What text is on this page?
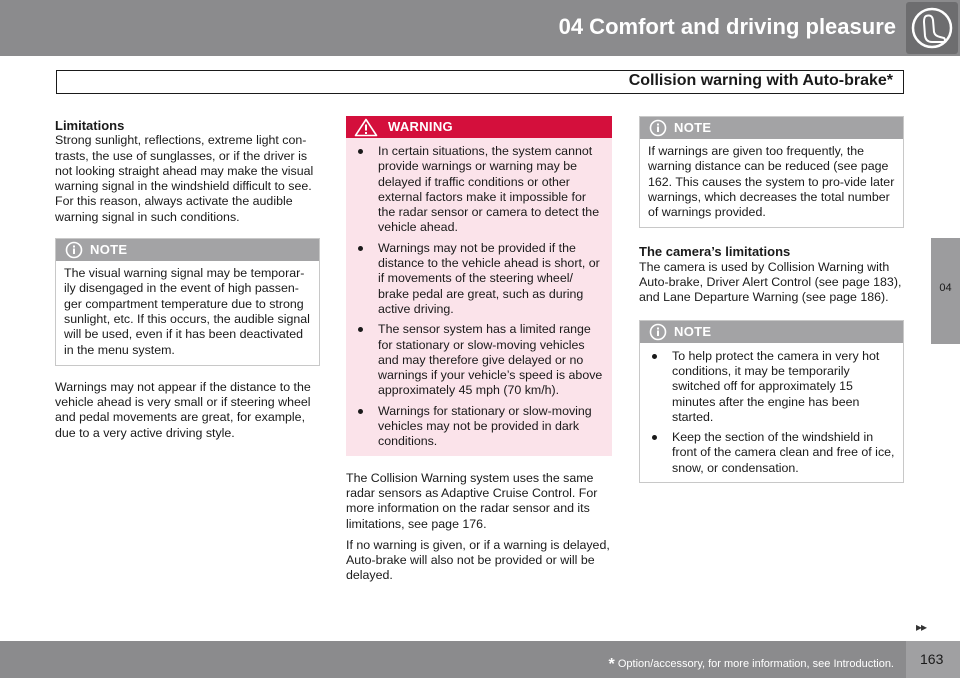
04 Comfort and driving pleasure
Collision warning with Auto-brake*
04

Limitations

Strong sunlight, reflections, extreme light con-trasts, the use of sunglasses, or if the driver is not looking straight ahead may make the visual warning signal in the windshield difficult to see. For this reason, always activate the audible warning signal in such conditions.

NOTE
The visual warning signal may be temporar-ily disengaged in the event of high passen-ger compartment temperature due to strong sunlight, etc. If this occurs, the audible signal will be used, even if it has been deactivated in the menu system.

Warnings may not appear if the distance to the vehicle ahead is very small or if steering wheel and pedal movements are great, for example, due to a very active driving style.

WARNING
In certain situations, the system cannot provide warnings or warning may be delayed if traffic conditions or other external factors make it impossible for the radar sensor or camera to detect the vehicle ahead.
Warnings may not be provided if the distance to the vehicle ahead is short, or if movements of the steering wheel/ brake pedal are great, such as during active driving.
The sensor system has a limited range for stationary or slow-moving vehicles and may therefore give delayed or no warnings if your vehicle’s speed is above approximately 45 mph (70 km/h).
Warnings for stationary or slow-moving vehicles may not be provided in dark conditions.

The Collision Warning system uses the same radar sensors as Adaptive Cruise Control. For more information on the radar sensor and its limitations, see page 176.

If no warning is given, or if a warning is delayed, Auto-brake will also not be provided or will be delayed.

NOTE
If warnings are given too frequently, the warning distance can be reduced (see page 162. This causes the system to pro-vide later warnings, which decreases the total number of warnings provided.

The camera’s limitations

The camera is used by Collision Warning with Auto-brake, Driver Alert Control (see page 183), and Lane Departure Warning (see page 186).

NOTE
To help protect the camera in very hot conditions, it may be temporarily switched off for approximately 15 minutes after the engine has been started.
Keep the section of the windshield in front of the camera clean and free of ice, snow, or condensation.
▸▸
* Option/accessory, for more information, see Introduction. 163
